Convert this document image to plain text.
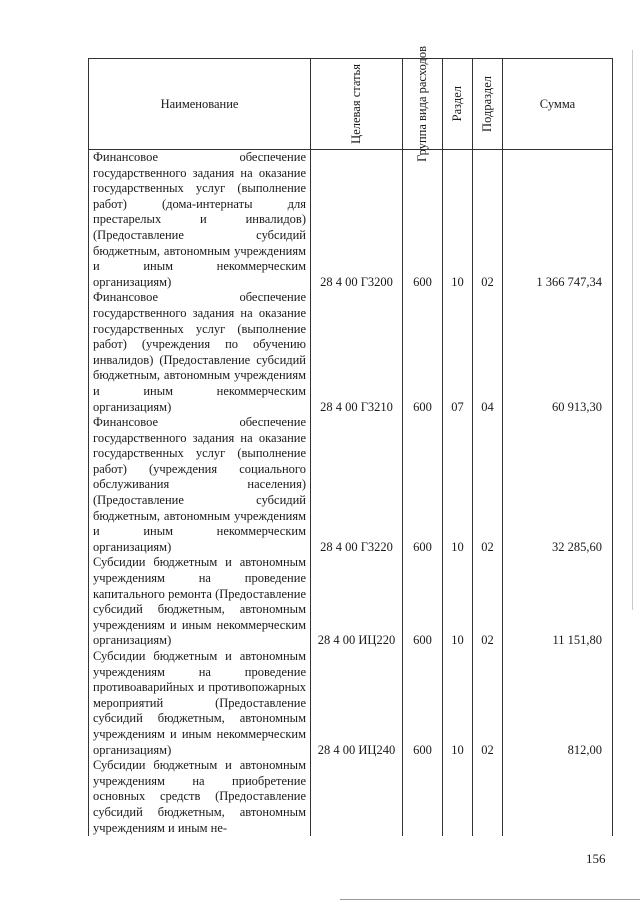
Наименование	Целевая статья	Группа вида расходов	Раздел	Подраздел	Сумма
Финансовое обеспечение государственного задания на оказание государственных услуг (выполнение работ) (дома-интернаты для престарелых и инвалидов) (Предоставление субсидий бюджетным, автономным учреждениям и иным некоммерческим организациям)	28 4 00 Г3200	600	10	02	1 366 747,34
Финансовое обеспечение государственного задания на оказание государственных услуг (выполнение работ) (учреждения по обучению инвалидов) (Предоставление субсидий бюджетным, автономным учреждениям и иным некоммерческим организациям)	28 4 00 Г3210	600	07	04	60 913,30
Финансовое обеспечение государственного задания на оказание государственных услуг (выполнение работ) (учреждения социального обслуживания населения) (Предоставление субсидий бюджетным, автономным учреждениям и иным некоммерческим организациям)	28 4 00 Г3220	600	10	02	32 285,60
Субсидии бюджетным и автономным учреждениям на проведение капитального ремонта (Предоставление субсидий бюджетным, автономным учреждениям и иным некоммерческим организациям)	28 4 00 ИЦ220	600	10	02	11 151,80
Субсидии бюджетным и автономным учреждениям на проведение противоаварийных и противопожарных мероприятий (Предоставление субсидий бюджетным, автономным учреждениям и иным некоммерческим организациям)	28 4 00 ИЦ240	600	10	02	812,00
Субсидии бюджетным и автономным учреждениям на приобретение основных средств (Предоставление субсидий бюджетным, автономным учреждениям и иным не-					
156
